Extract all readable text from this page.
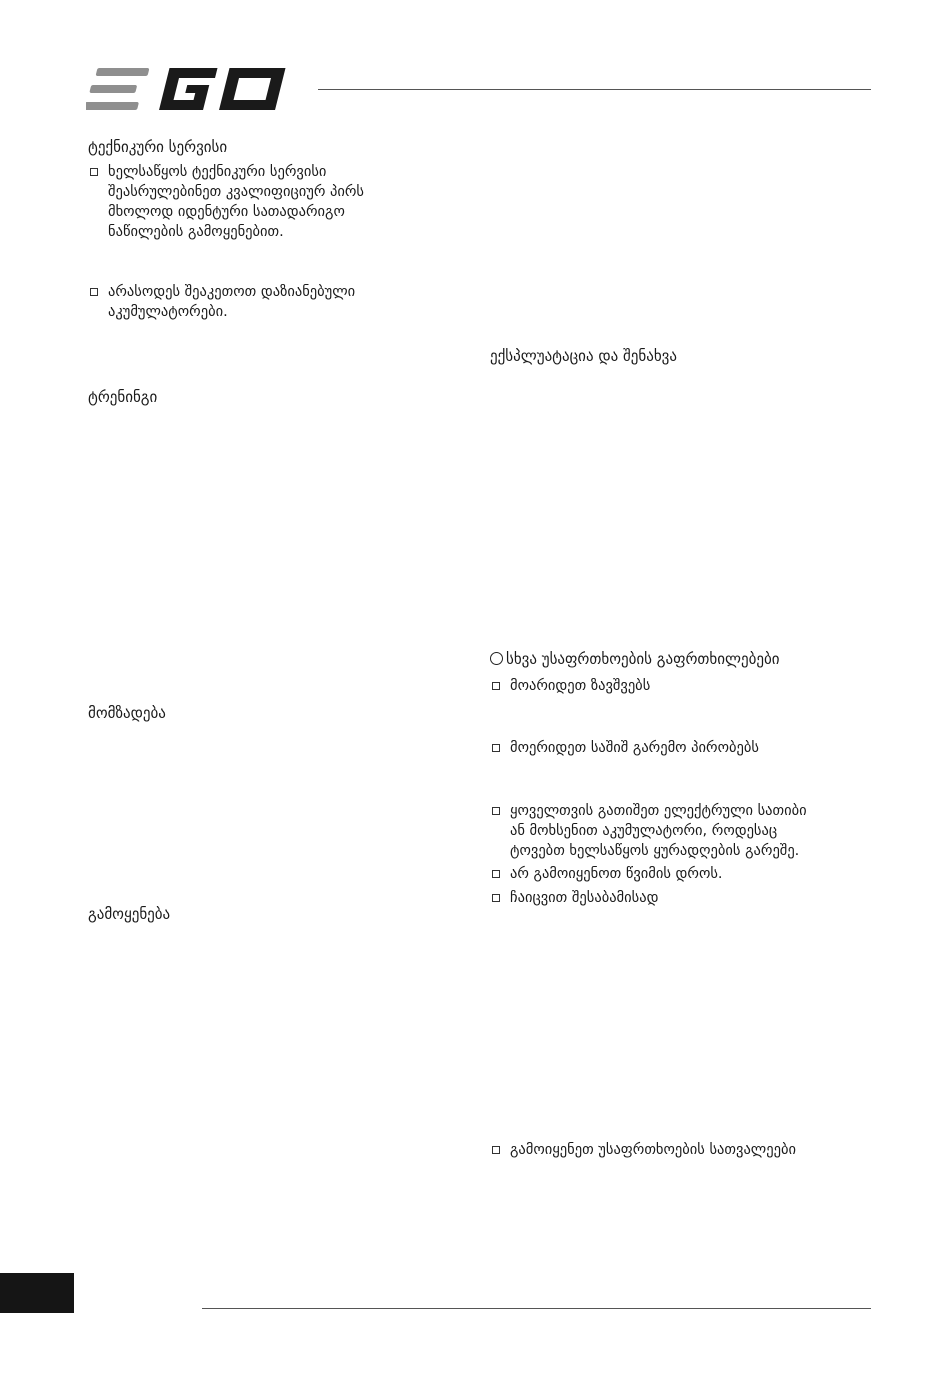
ტექნიკური სერვისი
ხელსაწყოს ტექნიკური სერვისი
შეასრულებინეთ კვალიფიციურ პირს
მხოლოდ იდენტური სათადარიგო
ნაწილების გამოყენებით.
არასოდეს შეაკეთოთ დაზიანებული
აკუმულატორები.
ტრენინგი
მომზადება
გამოყენება
ექსპლუატაცია და შენახვა
სხვა უსაფრთხოების გაფრთხილებები
მოარიდეთ ზავშვებს
მოერიდეთ საშიშ გარემო პირობებს
ყოველთვის გათიშეთ ელექტრული სათიბი
ან მოხსენით აკუმულატორი, როდესაც
ტოვებთ ხელსაწყოს ყურადღების გარეშე.
არ გამოიყენოთ წვიმის დროს.
ჩაიცვით შესაბამისად
გამოიყენეთ უსაფრთხოების სათვალეები
